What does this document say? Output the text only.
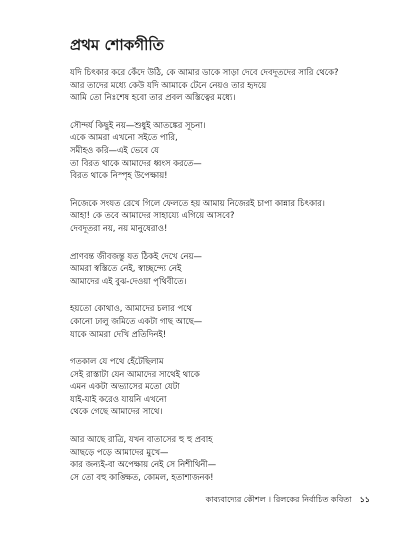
প্রথম শোকগীতি
যদি চিৎকার করে কেঁদে উঠি, কে আমার ডাকে সাড়া দেবে দেবদূতদের সারি থেকে?
আর তাদের মধ্যে কেউ যদি আমাকে টেনে নেয়ও তার হৃদয়ে
আমি তো নিঃশেষ হবো তার প্রবল অস্তিত্বের মধ্যে।
সৌন্দর্য কিছুই নয়—শুধুই আতঙ্কের সূচনা।
একে আমরা এখনো সইতে পারি,
সমীহও করি—এই ভেবে যে
তা বিরত থাকে আমাদের ধ্বংস করতে—
বিরত থাকে নিস্পৃহ উপেক্ষায়!
নিজেকে সংযত রেখে গিলে ফেলতে হয় আমায় নিজেরই চাপা কান্নার চিৎকার।
আহা! কে তবে আমাদের সাহায্যে এগিয়ে আসবে?
দেবদূতরা নয়, নয় মানুষেরাও!
প্রাণবন্ত জীবজন্তু যত ঠিকই দেখে নেয়—
আমরা স্বস্তিতে নেই, স্বাচ্ছন্দ্যে নেই
আমাদের এই বুঝ-দেওয়া পৃথিবীতে।
হয়তো কোথাও, আমাদের চলার পথে
কোনো ঢালু জমিতে একটা গাছ আছে—
যাকে আমরা দেখি প্রতিদিনই!
গতকাল যে পথে হেঁটেছিলাম
সেই রাস্তাটা যেন আমাদের সাথেই থাকে
এমন একটা অভ্যাসের মতো যেটা
যাই-যাই করেও যায়নি এখনো
থেকে গেছে আমাদের সাথে।
আর আছে রাত্রি, যখন বাতাসের হু হু প্রবাহ
আছড়ে পড়ে আমাদের মুখে—
কার জন্যই-বা অপেক্ষায় নেই সে নিশীথিনী—
সে তো বহু কাঙ্ক্ষিত, কোমল, হতাশাজনক!
কাব্যবাদ্যের কৌশল । রিলকের নির্বাচিত কবিতা ১১
